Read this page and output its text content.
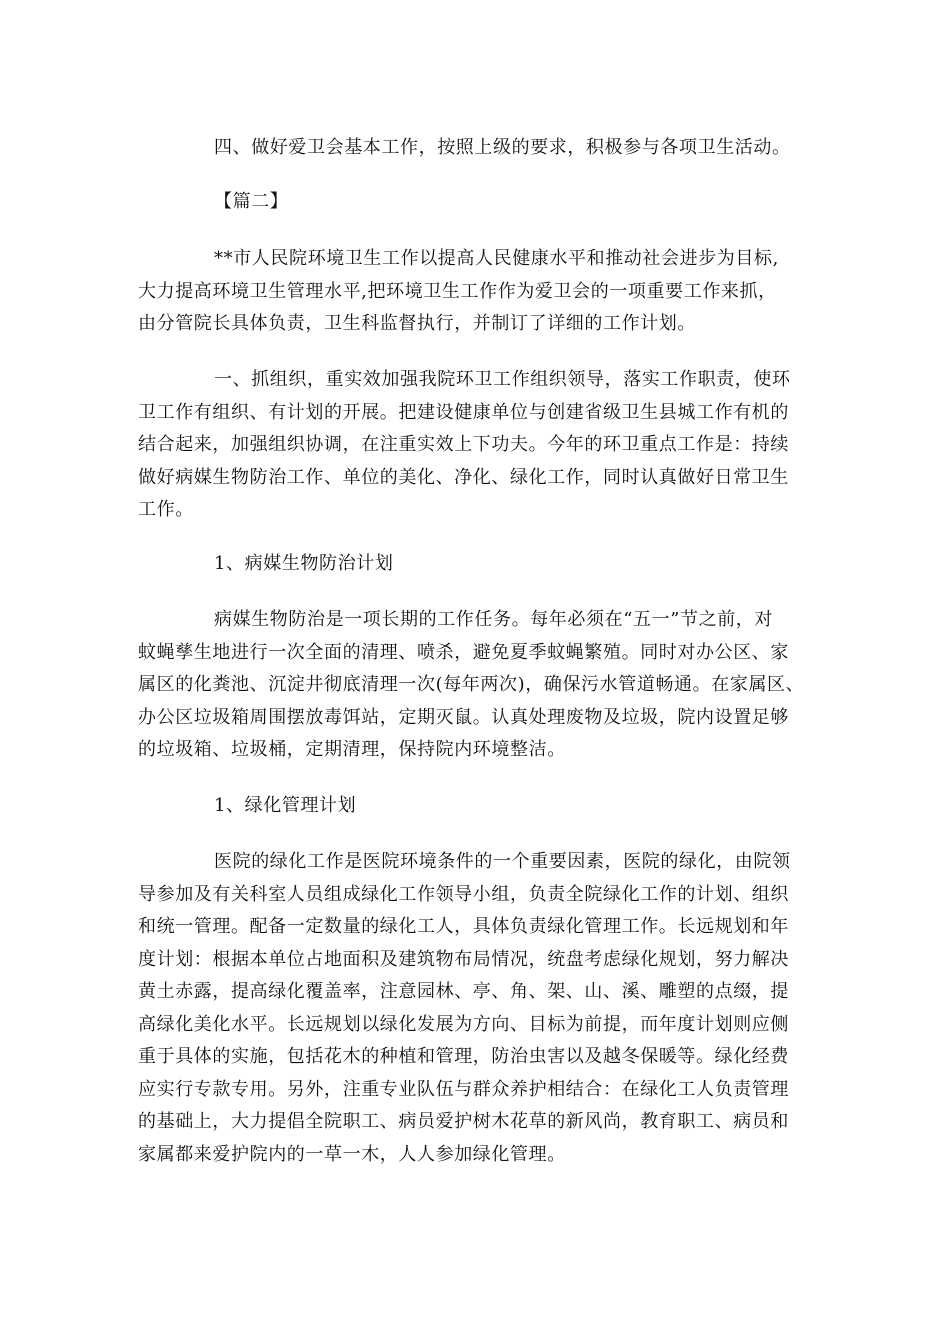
四、做好爱卫会基本工作，按照上级的要求，积极参与各项卫生活动。

【篇二】

**市人民院环境卫生工作以提高人民健康水平和推动社会进步为目标,
大力提高环境卫生管理水平,把环境卫生工作作为爱卫会的一项重要工作来抓，
由分管院长具体负责，卫生科监督执行，并制订了详细的工作计划。

一、抓组织，重实效加强我院环卫工作组织领导，落实工作职责，使环
卫工作有组织、有计划的开展。把建设健康单位与创建省级卫生县城工作有机的
结合起来，加强组织协调，在注重实效上下功夫。今年的环卫重点工作是：持续
做好病媒生物防治工作、单位的美化、净化、绿化工作，同时认真做好日常卫生
工作。

1、病媒生物防治计划

病媒生物防治是一项长期的工作任务。每年必须在“五一”节之前，对
蚊蝇孳生地进行一次全面的清理、喷杀，避免夏季蚊蝇繁殖。同时对办公区、家
属区的化粪池、沉淀井彻底清理一次(每年两次)，确保污水管道畅通。在家属区、
办公区垃圾箱周围摆放毒饵站，定期灭鼠。认真处理废物及垃圾，院内设置足够
的垃圾箱、垃圾桶，定期清理，保持院内环境整洁。

1、绿化管理计划

医院的绿化工作是医院环境条件的一个重要因素，医院的绿化，由院领
导参加及有关科室人员组成绿化工作领导小组，负责全院绿化工作的计划、组织
和统一管理。配备一定数量的绿化工人，具体负责绿化管理工作。长远规划和年
度计划：根据本单位占地面积及建筑物布局情况，统盘考虑绿化规划，努力解决
黄土赤露，提高绿化覆盖率，注意园林、亭、角、架、山、溪、雕塑的点缀，提
高绿化美化水平。长远规划以绿化发展为方向、目标为前提，而年度计划则应侧
重于具体的实施，包括花木的种植和管理，防治虫害以及越冬保暖等。绿化经费
应实行专款专用。另外，注重专业队伍与群众养护相结合：在绿化工人负责管理
的基础上，大力提倡全院职工、病员爱护树木花草的新风尚，教育职工、病员和
家属都来爱护院内的一草一木，人人参加绿化管理。
